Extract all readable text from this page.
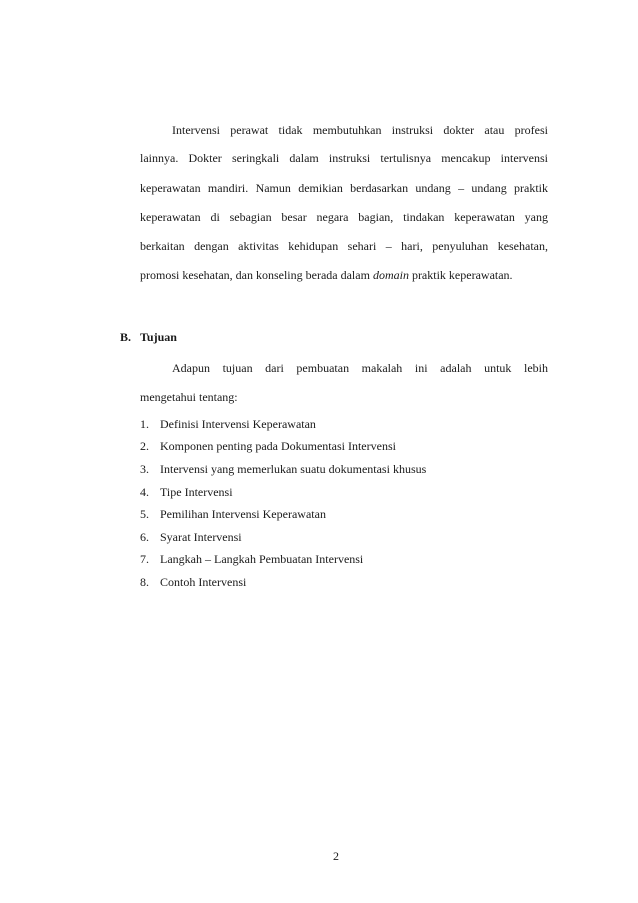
Intervensi perawat tidak membutuhkan instruksi dokter atau profesi
lainnya. Dokter seringkali dalam instruksi tertulisnya mencakup intervensi
keperawatan mandiri. Namun demikian berdasarkan undang – undang praktik
keperawatan di sebagian besar negara bagian, tindakan keperawatan yang
berkaitan dengan aktivitas kehidupan sehari – hari, penyuluhan kesehatan,
promosi kesehatan, dan konseling berada dalam domain praktik keperawatan.
B. Tujuan
Adapun tujuan dari pembuatan makalah ini adalah untuk lebih
mengetahui tentang:
1. Definisi Intervensi Keperawatan
2. Komponen penting pada Dokumentasi Intervensi
3. Intervensi yang memerlukan suatu dokumentasi khusus
4. Tipe Intervensi
5. Pemilihan Intervensi Keperawatan
6. Syarat Intervensi
7. Langkah – Langkah Pembuatan Intervensi
8. Contoh Intervensi
2
